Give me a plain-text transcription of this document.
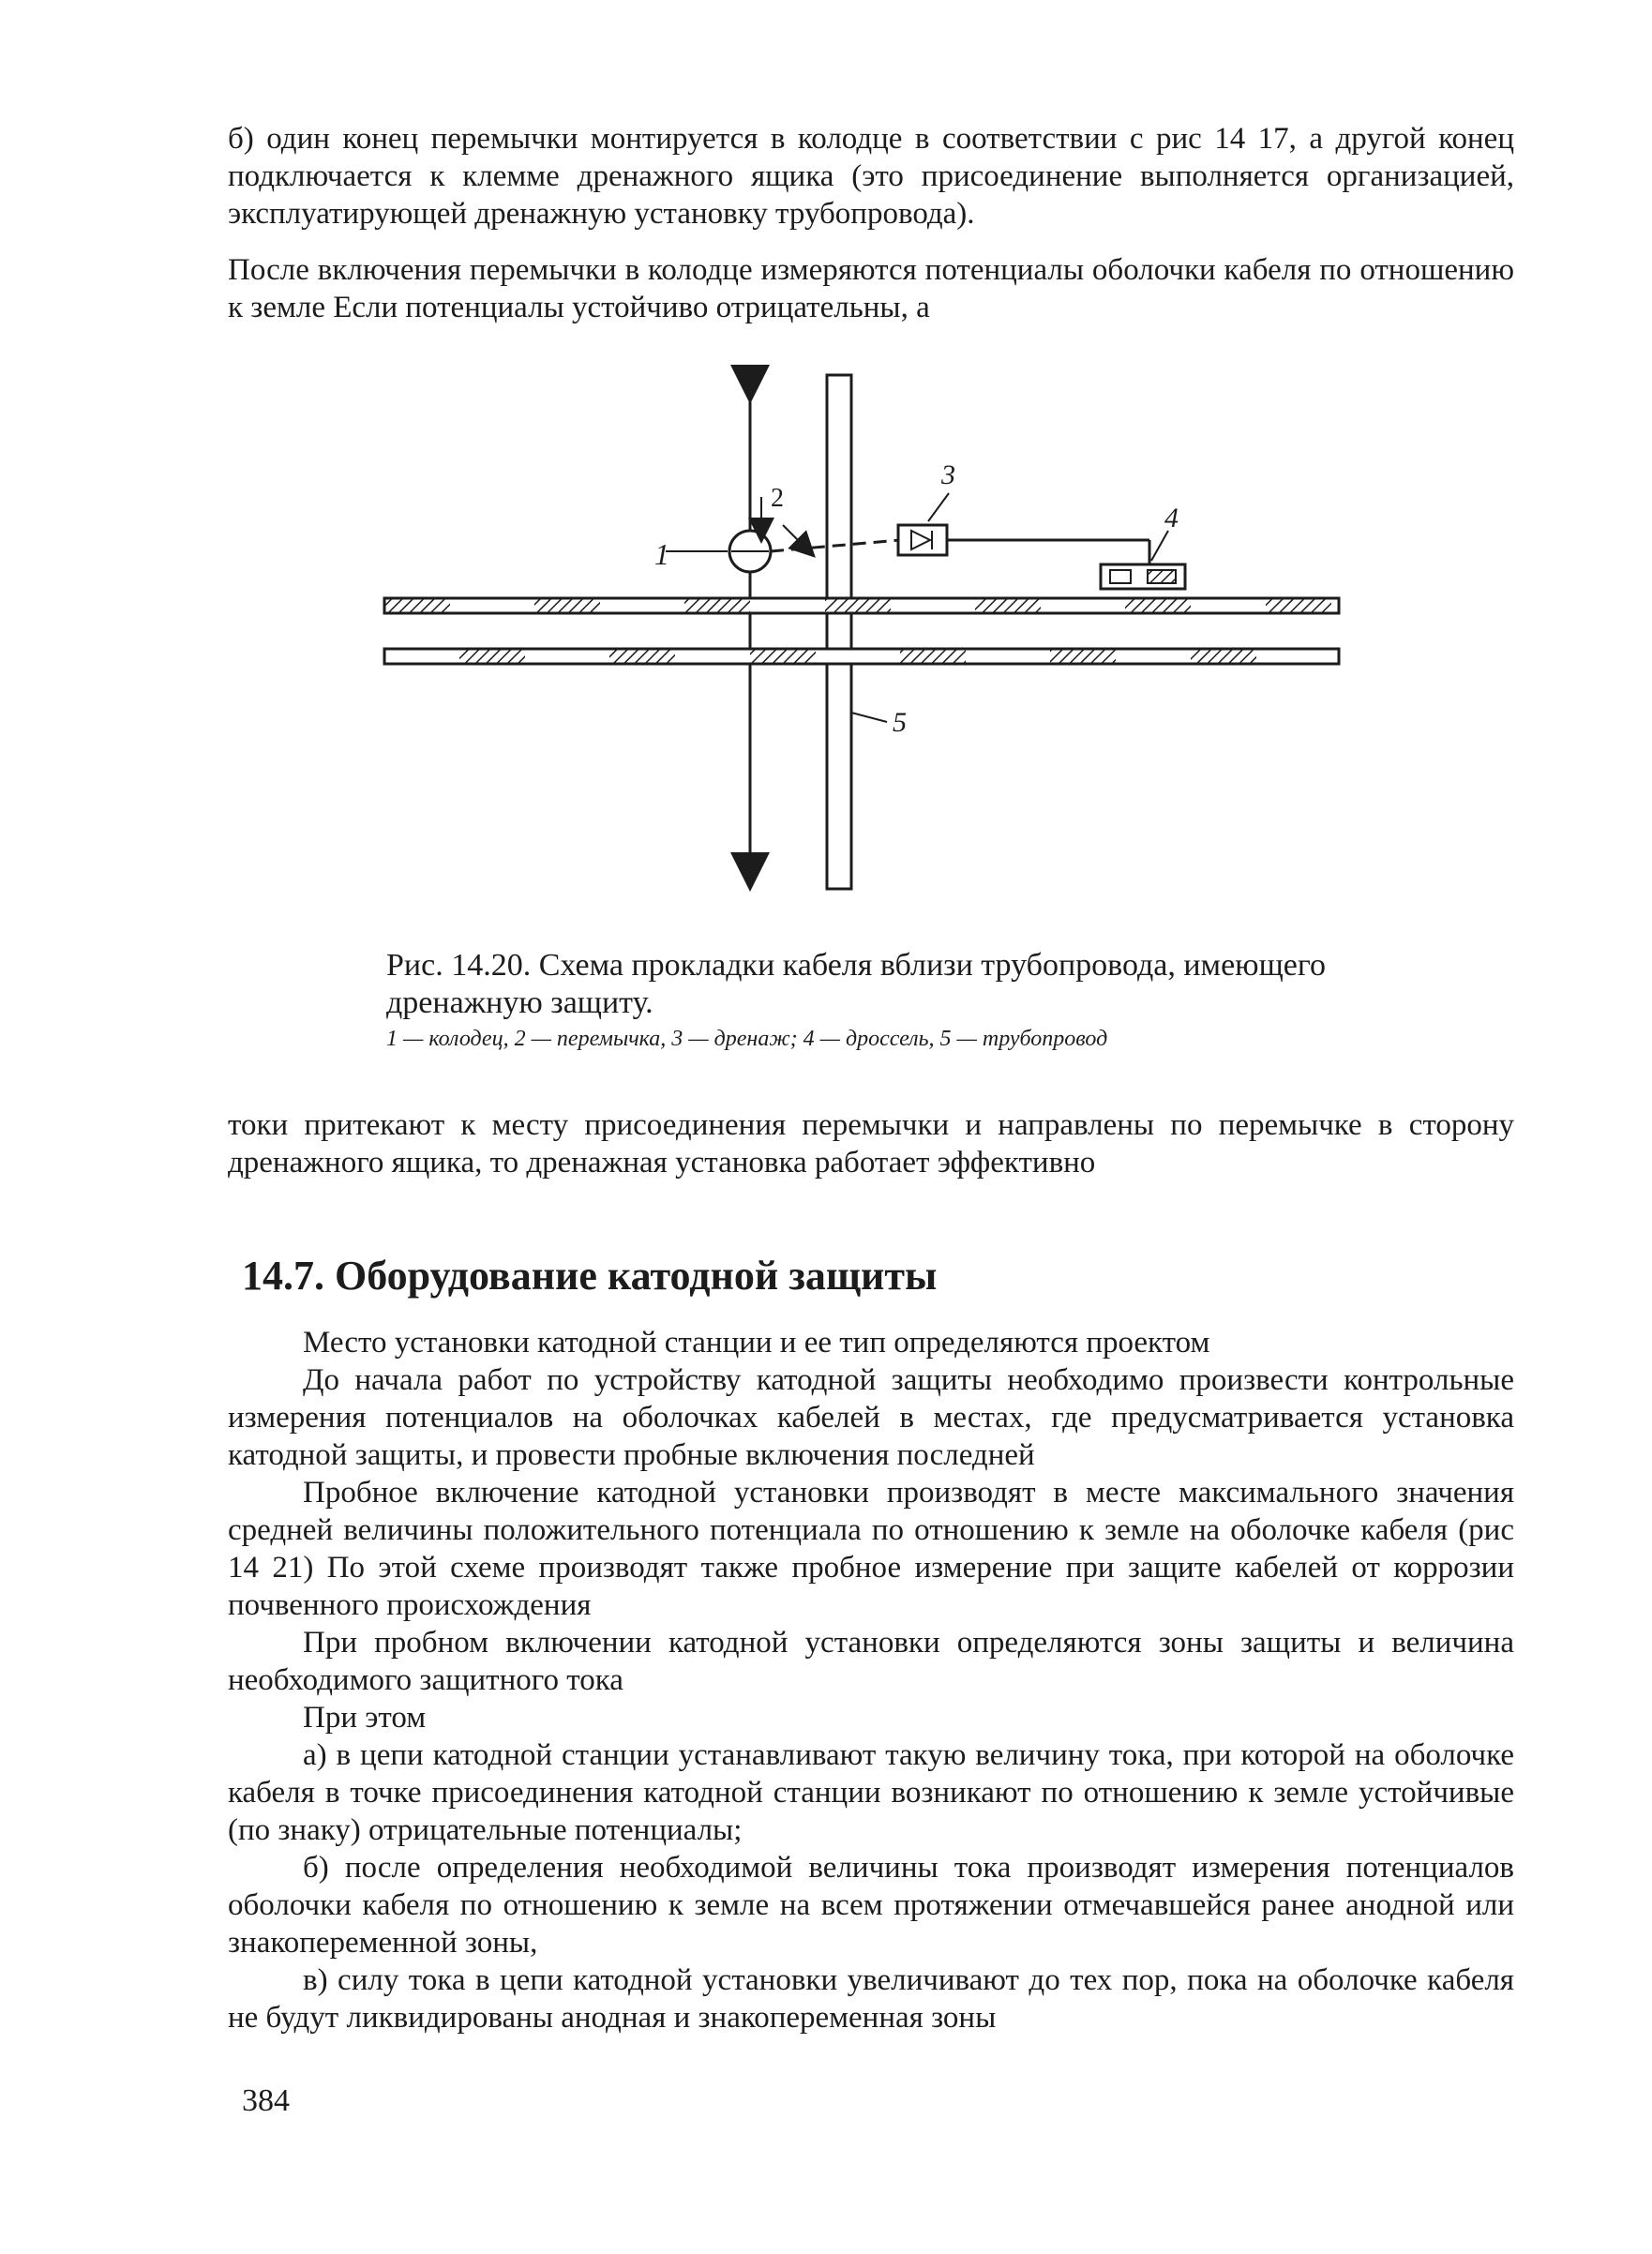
б) один конец перемычки монтируется в колодце в соответствии с рис 14 17, а другой конец подключается к клемме дренажного ящика (это присоединение выполняется организацией, эксплуатирующей дренажную установку трубопровода).

После включения перемычки в колодце измеряются потенциалы оболочки кабеля по отношению к земле Если потенциалы устойчиво отрицательны, а

1
2
3
4
5

Рис. 14.20. Схема прокладки кабеля вблизи трубопровода, имеющего дренажную защиту.

1 — колодец, 2 — перемычка, 3 — дренаж; 4 — дроссель, 5 — трубопровод

токи притекают к месту присоединения перемычки и направлены по перемычке в сторону дренажного ящика, то дренажная установка работает эффективно

14.7. Оборудование катодной защиты

Место установки катодной станции и ее тип определяются проектом

До начала работ по устройству катодной защиты необходимо произвести контрольные измерения потенциалов на оболочках кабелей в местах, где предусматривается установка катодной защиты, и провести пробные включения последней

Пробное включение катодной установки производят в месте максимального значения средней величины положительного потенциала по отношению к земле на оболочке кабеля (рис 14 21) По этой схеме производят также пробное измерение при защите кабелей от коррозии почвенного происхождения

При пробном включении катодной установки определяются зоны защиты и величина необходимого защитного тока

При этом

а) в цепи катодной станции устанавливают такую величину тока, при которой на оболочке кабеля в точке присоединения катодной станции возникают по отношению к земле устойчивые (по знаку) отрицательные потенциалы;

б) после определения необходимой величины тока производят измерения потенциалов оболочки кабеля по отношению к земле на всем протяжении отмечавшейся ранее анодной или знакопеременной зоны,

в) силу тока в цепи катодной установки увеличивают до тех пор, пока на оболочке кабеля не будут ликвидированы анодная и знакопеременная зоны

384
